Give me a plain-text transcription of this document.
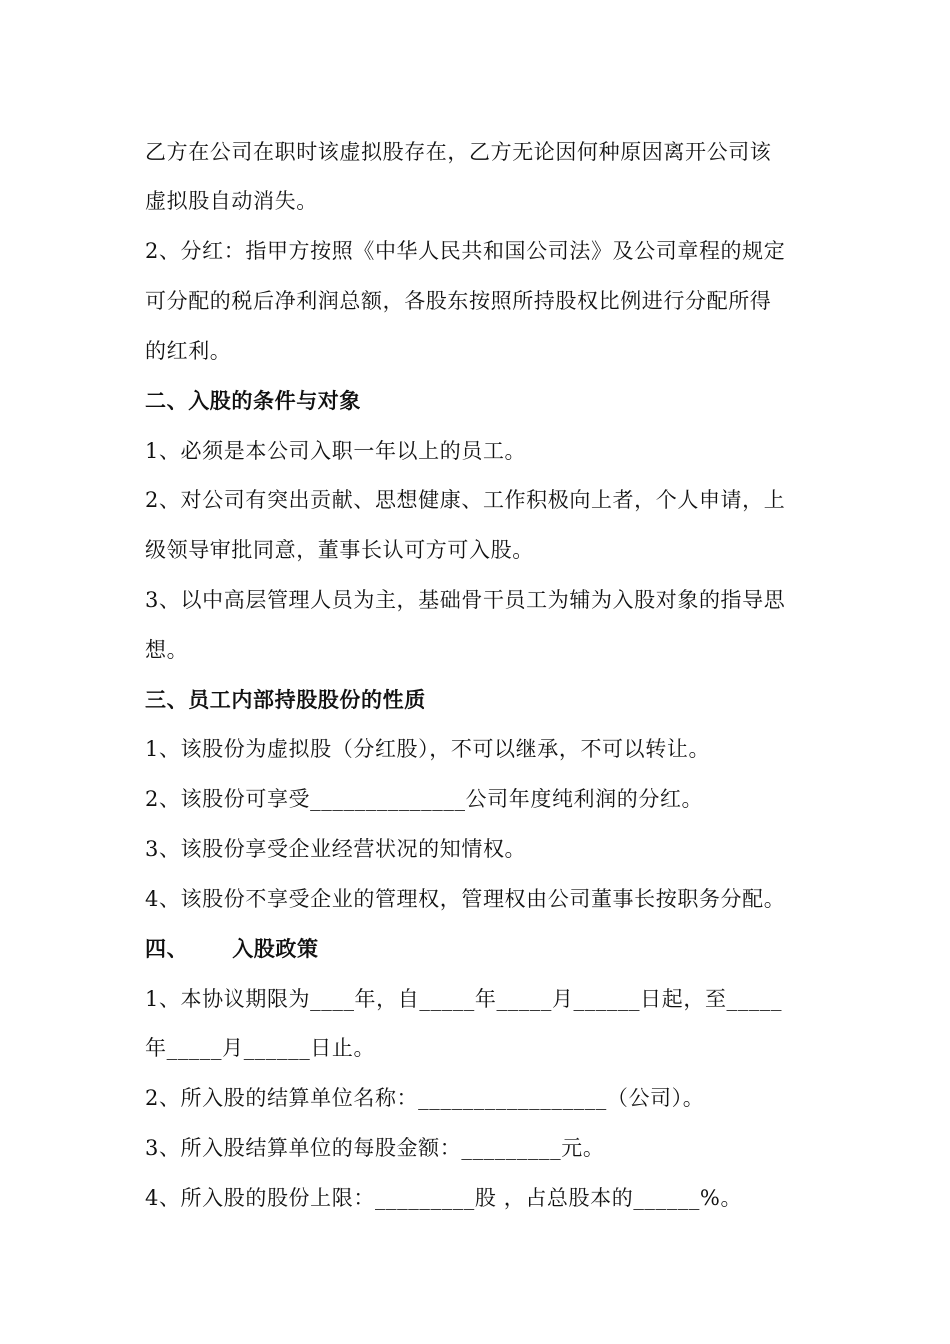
乙方在公司在职时该虚拟股存在，乙方无论因何种原因离开公司该
虚拟股自动消失。
2、分红：指甲方按照《中华人民共和国公司法》及公司章程的规定
可分配的税后净利润总额，各股东按照所持股权比例进行分配所得
的红利。
二、入股的条件与对象
1、必须是本公司入职一年以上的员工。
2、对公司有突出贡献、思想健康、工作积极向上者，个人申请，上
级领导审批同意，董事长认可方可入股。
3、以中高层管理人员为主，基础骨干员工为辅为入股对象的指导思
想。
三、员工内部持股股份的性质
1、该股份为虚拟股（分红股），不可以继承，不可以转让。
2、该股份可享受______________公司年度纯利润的分红。
3、该股份享受企业经营状况的知情权。
4、该股份不享受企业的管理权，管理权由公司董事长按职务分配。
四、 入股政策
1、本协议期限为____年，自_____年_____月______日起，至_____
年_____月______日止。
2、所入股的结算单位名称：_________________（公司）。
3、所入股结算单位的每股金额：_________元。
4、所入股的股份上限：_________股 ，占总股本的______%。
